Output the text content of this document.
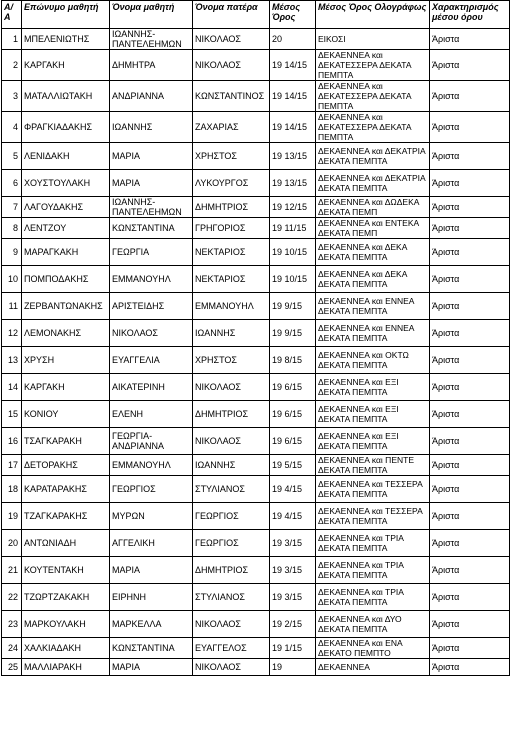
Α/Α	Επώνυμο μαθητή	Όνομα μαθητή	Όνομα πατέρα	Μέσος Όρος	Μέσος Όρος Ολογράφως	Χαρακτηρισμός μέσου όρου
1	ΜΠΕΛΕΝΙΩΤΗΣ	ΙΩΑΝΝΗΣ-ΠΑΝΤΕΛΕΗΜΩΝ	ΝΙΚΟΛΑΟΣ	20	ΕΙΚΟΣΙ	Άριστα
2	ΚΑΡΓΑΚΗ	ΔΗΜΗΤΡΑ	ΝΙΚΟΛΑΟΣ	19 14/15	ΔΕΚΑΕΝΝΕΑ και ΔΕΚΑΤΕΣΣΕΡΑ ΔΕΚΑΤΑ ΠΕΜΠΤΑ	Άριστα
3	ΜΑΤΑΛΛΙΩΤΑΚΗ	ΑΝΔΡΙΑΝΝΑ	ΚΩΝΣΤΑΝΤΙΝΟΣ	19 14/15	ΔΕΚΑΕΝΝΕΑ και ΔΕΚΑΤΕΣΣΕΡΑ ΔΕΚΑΤΑ ΠΕΜΠΤΑ	Άριστα
4	ΦΡΑΓΚΙΑΔΑΚΗΣ	ΙΩΑΝΝΗΣ	ΖΑΧΑΡΙΑΣ	19 14/15	ΔΕΚΑΕΝΝΕΑ και ΔΕΚΑΤΕΣΣΕΡΑ ΔΕΚΑΤΑ ΠΕΜΠΤΑ	Άριστα
5	ΛΕΝΙΔΑΚΗ	ΜΑΡΙΑ	ΧΡΗΣΤΟΣ	19 13/15	ΔΕΚΑΕΝΝΕΑ και ΔΕΚΑΤΡΙΑ ΔΕΚΑΤΑ ΠΕΜΠΤΑ	Άριστα
6	ΧΟΥΣΤΟΥΛΑΚΗ	ΜΑΡΙΑ	ΛΥΚΟΥΡΓΟΣ	19 13/15	ΔΕΚΑΕΝΝΕΑ και ΔΕΚΑΤΡΙΑ ΔΕΚΑΤΑ ΠΕΜΠΤΑ	Άριστα
7	ΛΑΓΟΥΔΑΚΗΣ	ΙΩΑΝΝΗΣ-ΠΑΝΤΕΛΕΗΜΩΝ	ΔΗΜΗΤΡΙΟΣ	19 12/15	ΔΕΚΑΕΝΝΕΑ και ΔΩΔΕΚΑ ΔΕΚΑΤΑ ΠΕΜΠ	Άριστα
8	ΛΕΝΤΖΟΥ	ΚΩΝΣΤΑΝΤΙΝΑ	ΓΡΗΓΟΡΙΟΣ	19 11/15	ΔΕΚΑΕΝΝΕΑ και ΕΝΤΕΚΑ ΔΕΚΑΤΑ ΠΕΜΠ	Άριστα
9	ΜΑΡΑΓΚΑΚΗ	ΓΕΩΡΓΙΑ	ΝΕΚΤΑΡΙΟΣ	19 10/15	ΔΕΚΑΕΝΝΕΑ και ΔΕΚΑ ΔΕΚΑΤΑ ΠΕΜΠΤΑ	Άριστα
10	ΠΟΜΠΟΔΑΚΗΣ	ΕΜΜΑΝΟΥΗΛ	ΝΕΚΤΑΡΙΟΣ	19 10/15	ΔΕΚΑΕΝΝΕΑ και ΔΕΚΑ ΔΕΚΑΤΑ ΠΕΜΠΤΑ	Άριστα
11	ΖΕΡΒΑΝΤΩΝΑΚΗΣ	ΑΡΙΣΤΕΙΔΗΣ	ΕΜΜΑΝΟΥΗΛ	19 9/15	ΔΕΚΑΕΝΝΕΑ και ΕΝΝΕΑ ΔΕΚΑΤΑ ΠΕΜΠΤΑ	Άριστα
12	ΛΕΜΟΝΑΚΗΣ	ΝΙΚΟΛΑΟΣ	ΙΩΑΝΝΗΣ	19 9/15	ΔΕΚΑΕΝΝΕΑ και ΕΝΝΕΑ ΔΕΚΑΤΑ ΠΕΜΠΤΑ	Άριστα
13	ΧΡΥΣΗ	ΕΥΑΓΓΕΛΙΑ	ΧΡΗΣΤΟΣ	19 8/15	ΔΕΚΑΕΝΝΕΑ και ΟΚΤΩ ΔΕΚΑΤΑ ΠΕΜΠΤΑ	Άριστα
14	ΚΑΡΓΑΚΗ	ΑΙΚΑΤΕΡΙΝΗ	ΝΙΚΟΛΑΟΣ	19 6/15	ΔΕΚΑΕΝΝΕΑ και ΕΞΙ ΔΕΚΑΤΑ ΠΕΜΠΤΑ	Άριστα
15	ΚΟΝΙΟΥ	ΕΛΕΝΗ	ΔΗΜΗΤΡΙΟΣ	19 6/15	ΔΕΚΑΕΝΝΕΑ και ΕΞΙ ΔΕΚΑΤΑ ΠΕΜΠΤΑ	Άριστα
16	ΤΣΑΓΚΑΡΑΚΗ	ΓΕΩΡΓΙΑ-ΑΝΔΡΙΑΝΝΑ	ΝΙΚΟΛΑΟΣ	19 6/15	ΔΕΚΑΕΝΝΕΑ και ΕΞΙ ΔΕΚΑΤΑ ΠΕΜΠΤΑ	Άριστα
17	ΔΕΤΟΡΑΚΗΣ	ΕΜΜΑΝΟΥΗΛ	ΙΩΑΝΝΗΣ	19 5/15	ΔΕΚΑΕΝΝΕΑ και ΠΕΝΤΕ ΔΕΚΑΤΑ ΠΕΜΠΤΑ	Άριστα
18	ΚΑΡΑΤΑΡΑΚΗΣ	ΓΕΩΡΓΙΟΣ	ΣΤΥΛΙΑΝΟΣ	19 4/15	ΔΕΚΑΕΝΝΕΑ και ΤΕΣΣΕΡΑ ΔΕΚΑΤΑ ΠΕΜΠΤΑ	Άριστα
19	ΤΖΑΓΚΑΡΑΚΗΣ	ΜΥΡΩΝ	ΓΕΩΡΓΙΟΣ	19 4/15	ΔΕΚΑΕΝΝΕΑ και ΤΕΣΣΕΡΑ ΔΕΚΑΤΑ ΠΕΜΠΤΑ	Άριστα
20	ΑΝΤΩΝΙΑΔΗ	ΑΓΓΕΛΙΚΗ	ΓΕΩΡΓΙΟΣ	19 3/15	ΔΕΚΑΕΝΝΕΑ και ΤΡΙΑ ΔΕΚΑΤΑ ΠΕΜΠΤΑ	Άριστα
21	ΚΟΥΤΕΝΤΑΚΗ	ΜΑΡΙΑ	ΔΗΜΗΤΡΙΟΣ	19 3/15	ΔΕΚΑΕΝΝΕΑ και ΤΡΙΑ ΔΕΚΑΤΑ ΠΕΜΠΤΑ	Άριστα
22	ΤΖΩΡΤΖΑΚΑΚΗ	ΕΙΡΗΝΗ	ΣΤΥΛΙΑΝΟΣ	19 3/15	ΔΕΚΑΕΝΝΕΑ και ΤΡΙΑ ΔΕΚΑΤΑ ΠΕΜΠΤΑ	Άριστα
23	ΜΑΡΚΟΥΛΑΚΗ	ΜΑΡΚΕΛΛΑ	ΝΙΚΟΛΑΟΣ	19 2/15	ΔΕΚΑΕΝΝΕΑ και ΔΥΟ ΔΕΚΑΤΑ ΠΕΜΠΤΑ	Άριστα
24	ΧΑΛΚΙΑΔΑΚΗ	ΚΩΝΣΤΑΝΤΙΝΑ	ΕΥΑΓΓΕΛΟΣ	19 1/15	ΔΕΚΑΕΝΝΕΑ και ΕΝΑ ΔΕΚΑΤΟ ΠΕΜΠΤΟ	Άριστα
25	ΜΑΛΛΙΑΡΑΚΗ	ΜΑΡΙΑ	ΝΙΚΟΛΑΟΣ	19	ΔΕΚΑΕΝΝΕΑ	Άριστα
